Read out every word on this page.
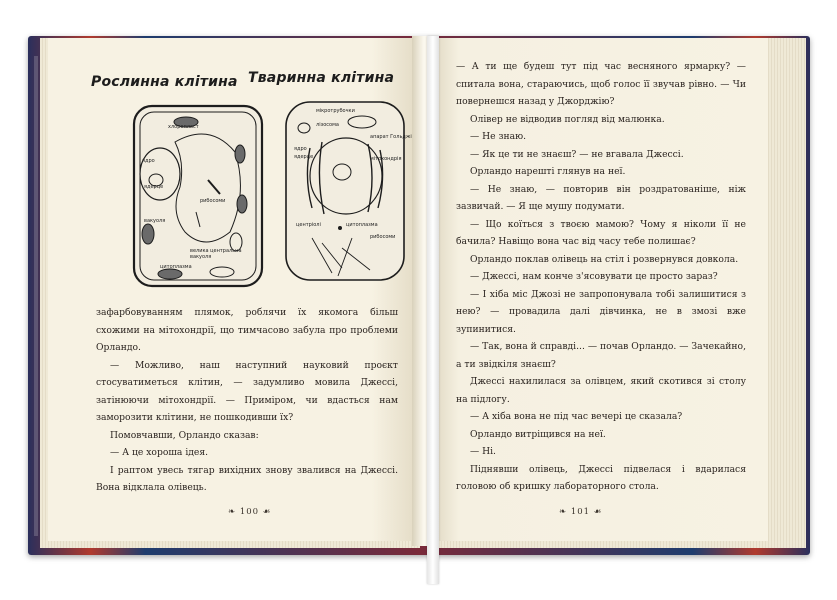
Рослинна клітина Тваринна клітина
хлоропласт
ядро
ядерце
рибосоми
вакуоля
велика центральна
вакуоля
цитоплазма
мікротрубочки
лізосома
ядро
ядерце
апарат Гольджі
мітохондрія
центріолі	цитоплазма
рибосоми

зафарбовуванням плямок, роблячи їх якомога більш схожими на мітохондрії, що тимчасово забула про проблеми Орландо.

— Можливо, наш наступний науковий проєкт стосуватиметься клітин, — задумливо мовила Джессі, затінюючи мітохондрії. — Приміром, чи вдасться нам заморозити клітини, не пошкодивши їх?

Помовчавши, Орландо сказав:

— А це хороша ідея.

І раптом увесь тягар вихідних знову звалився на Джессі. Вона відклала олівець.

❧ 100 ☙

— А ти ще будеш тут під час весняного ярмарку? — спитала вона, стараючись, щоб голос її звучав рівно. — Чи повернешся назад у Джорджію?

Олівер не відводив погляд від малюнка.

— Не знаю.

— Як це ти не знаєш? — не вгавала Джессі.

Орландо нарешті глянув на неї.

— Не знаю, — повторив він роздратованіше, ніж зазвичай. — Я ще мушу подумати.

— Що коїться з твоєю мамою? Чому я ніколи її не бачила? Навіщо вона час від часу тебе полишає?

Орландо поклав олівець на стіл і розвернувся довкола.

— Джессі, нам конче з'ясовувати це просто зараз?

— І хіба міс Джозі не запропонувала тобі залишитися з нею? — провадила далі дівчинка, не в змозі вже зупинитися.

— Так, вона й справді... — почав Орландо. — Зачекайно, а ти звідкіля знаєш?

Джессі нахилилася за олівцем, який скотився зі столу на підлогу.

— А хіба вона не під час вечері це сказала?

Орландо витріщився на неї.

— Ні.

Піднявши олівець, Джессі підвелася і вдарилася головою об кришку лабораторного стола.

❧ 101 ☙
